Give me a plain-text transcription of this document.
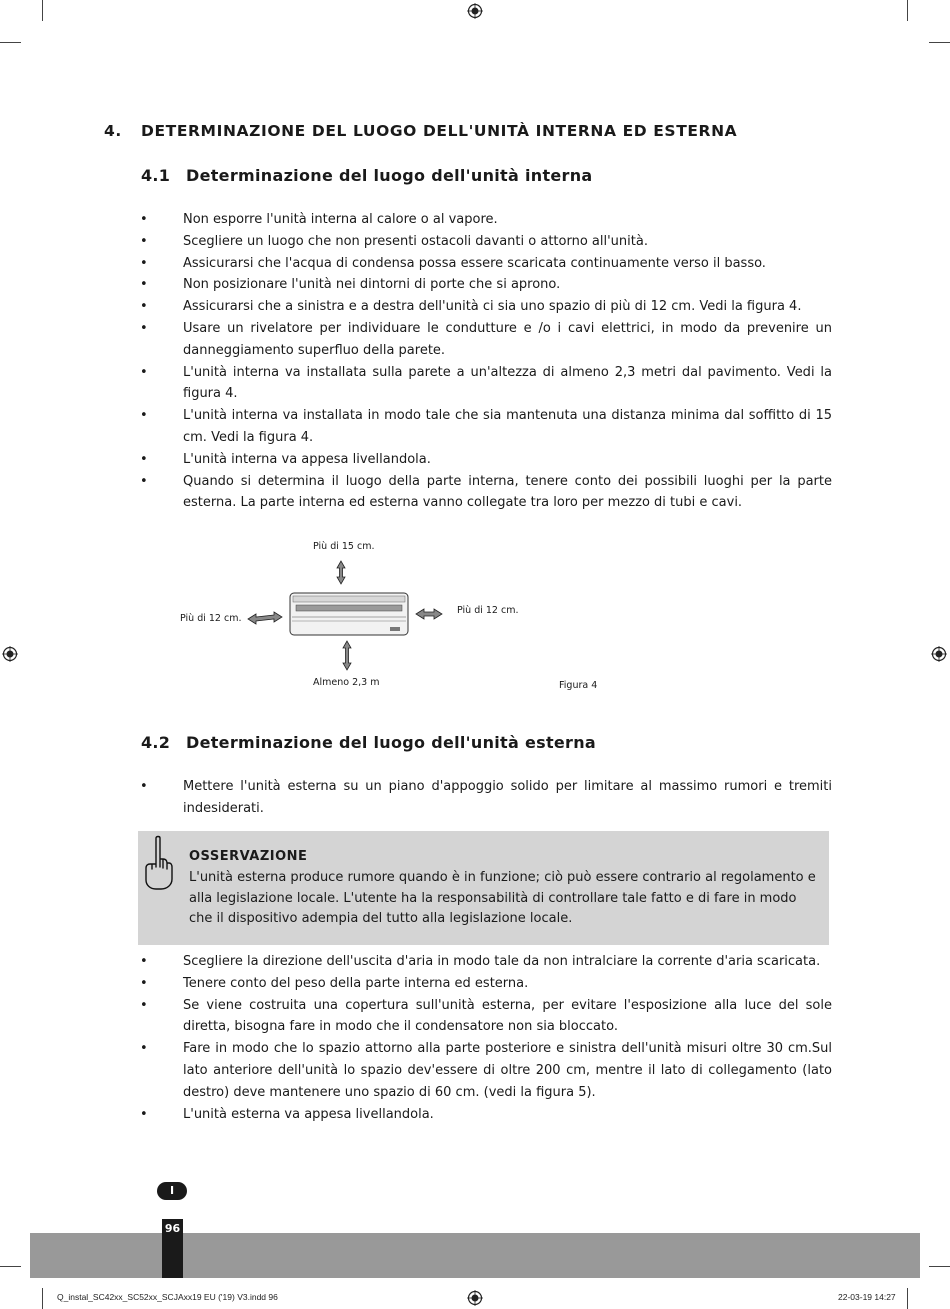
4. DETERMINAZIONE DEL LUOGO DELL'UNITÀ INTERNA ED ESTERNA
4.1 Determinazione del luogo dell'unità interna
• Non esporre l'unità interna al calore o al vapore.
• Scegliere un luogo che non presenti ostacoli davanti o attorno all'unità.
• Assicurarsi che l'acqua di condensa possa essere scaricata continuamente verso il basso.
• Non posizionare l'unità nei dintorni di porte che si aprono.
• Assicurarsi che a sinistra e a destra dell'unità ci sia uno spazio di più di 12 cm. Vedi la figura 4.
• Usare un rivelatore per individuare le condutture e /o i cavi elettrici, in modo da prevenire un danneggiamento superfluo della parete.
• L'unità interna va installata sulla parete a un'altezza di almeno 2,3 metri dal pavimento. Vedi la figura 4.
• L'unità interna va installata in modo tale che sia mantenuta una distanza minima dal soffitto di 15 cm. Vedi la figura 4.
• L'unità interna va appesa livellandola.
• Quando si determina il luogo della parte interna, tenere conto dei possibili luoghi per la parte esterna. La parte interna ed esterna vanno collegate tra loro per mezzo di tubi e cavi.
Più di 15 cm.
Più di 12 cm.
Più di 12 cm.
Almeno 2,3 m	Figura 4
4.2 Determinazione del luogo dell'unità esterna
• Mettere l'unità esterna su un piano d'appoggio solido per limitare al massimo rumori e tremiti indesiderati.
OSSERVAZIONE
L'unità esterna produce rumore quando è in funzione; ciò può essere contrario al regolamento e alla legislazione locale. L'utente ha la responsabilità di controllare tale fatto e di fare in modo che il dispositivo adempia del tutto alla legislazione locale.
• Scegliere la direzione dell'uscita d'aria in modo tale da non intralciare la corrente d'aria scaricata.
• Tenere conto del peso della parte interna ed esterna.
• Se viene costruita una copertura sull'unità esterna, per evitare l'esposizione alla luce del sole diretta, bisogna fare in modo che il condensatore non sia bloccato.
• Fare in modo che lo spazio attorno alla parte posteriore e sinistra dell'unità misuri oltre 30 cm.Sul lato anteriore dell'unità lo spazio dev'essere di oltre 200 cm, mentre il lato di collegamento (lato destro) deve mantenere uno spazio di 60 cm. (vedi la figura 5).
• L'unità esterna va appesa livellandola.
I
96
Q_instal_SC42xx_SC52xx_SCJAxx19 EU ('19) V3.indd 96	22-03-19 14:27
